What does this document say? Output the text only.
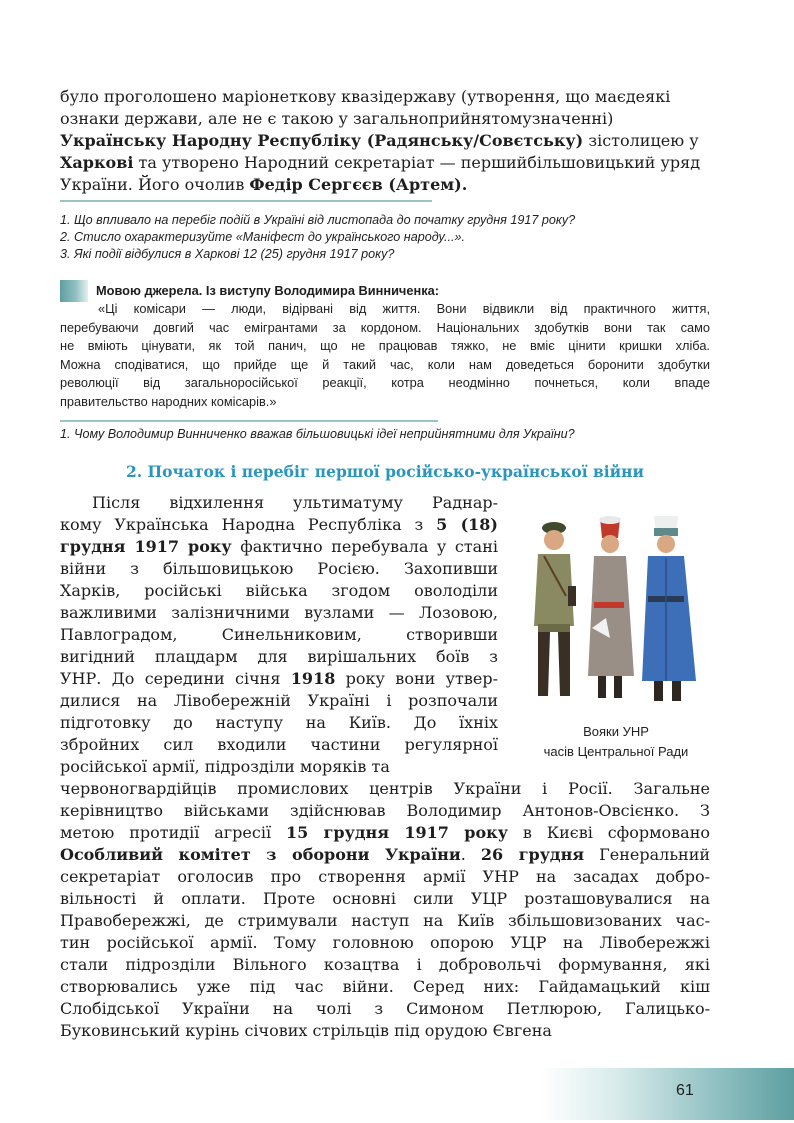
було проголошено маріонеткову квазідержаву (утворення, що маєдеякі ознаки держави, але не є такою у загальноприйнятомузначенні) Українську Народну Республіку (Радянську/Совєтську) зістолицею у Харкові та утворено Народний секретаріат — першийбільшовицький уряд України. Його очолив Федір Сергєєв (Артем).
1. Що впливало на перебіг подій в Україні від листопада до початку грудня 1917 року?
2. Стисло охарактеризуйте «Маніфест до українського народу...».
3. Які події відбулися в Харкові 12 (25) грудня 1917 року?
Мовою джерела. Із виступу Володимира Винниченка:
«Ці комісари — люди, відірвані від життя. Вони відвикли від практичного життя,
перебуваючи довгий час емігрантами за кордоном. Національних здобутків вони так само
не вміють цінувати, як той панич, що не працював тяжко, не вміє цінити кришки хліба.
Можна сподіватися, що прийде ще й такий час, коли нам доведеться боронити здобутки
революції від загальноросійської реакції, котра неодмінно почнеться, коли впаде
правительство народних комісарів.»
1. Чому Володимир Винниченко вважав більшовицькі ідеї неприйнятними для України?
2. Початок і перебіг першої російсько-української війни
Після відхилення ультиматуму Раднар-
кому Українська Народна Республіка з 5 (18)
грудня 1917 року фактично перебувала у стані
війни з більшовицькою Росією. Захопивши
Харків, російські війська згодом оволоділи
важливими залізничними вузлами — Лозовою,
Павлоградом, Синельниковим, створивши
вигідний плацдарм для вирішальних боїв з
УНР. До середини січня 1918 року вони утвер-
дилися на Лівобережній Україні і розпочали
підготовку до наступу на Київ. До їхніх
збройних сил входили частини регулярної
російської армії, підрозділи моряків та
Вояки УНР
часів Центральної Ради
червоногвардійців промислових центрів України і Росії. Загальне
керівництво військами здійснював Володимир Антонов-Овсієнко. З
метою протидії агресії 15 грудня 1917 року в Києві сформовано
Особливий комітет з оборони України. 26 грудня Генеральний
секретаріат оголосив про створення армії УНР на засадах добро-
вільності й оплати. Проте основні сили УЦР розташовувалися на
Правобережжі, де стримували наступ на Київ збільшовизованих час-
тин російської армії. Тому головною опорою УЦР на Лівобережжі
стали підрозділи Вільного козацтва і добровольчі формування, які
створювались уже під час війни. Серед них: Гайдамацький кіш
Слобідської України на чолі з Симоном Петлюрою, Галицько-
Буковинський курінь січових стрільців під орудою Євгена
61
